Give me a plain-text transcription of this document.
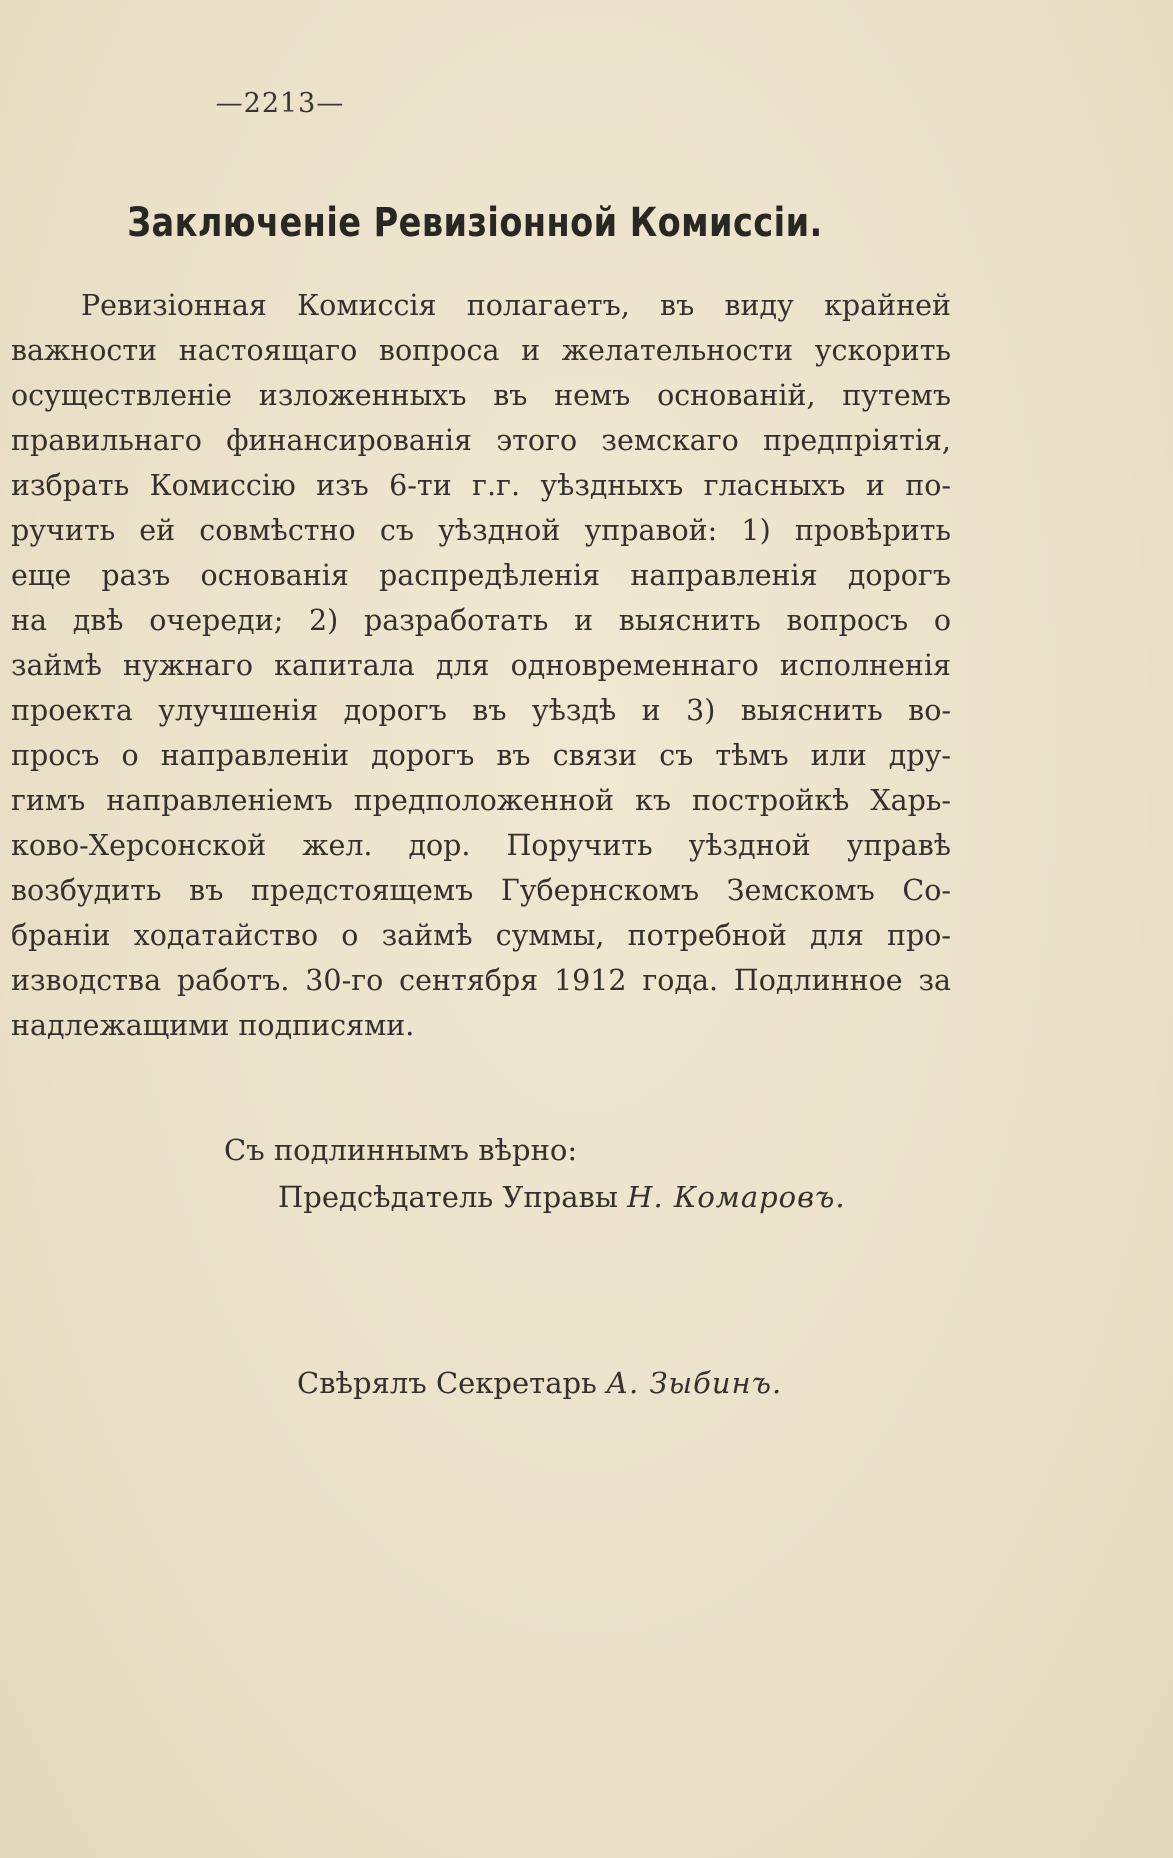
—2213—
Заключеніе Ревизіонной Комиссіи.
Ревизіонная Комиссія полагаетъ, въ виду крайней
важности настоящаго вопроса и желательности ускорить
осуществленіе изложенныхъ въ немъ основаній, путемъ
правильнаго финансированія этого земскаго предпріятія,
избрать Комиссію изъ 6-ти г.г. уѣздныхъ гласныхъ и по-
ручить ей совмѣстно съ уѣздной управой: 1) провѣрить
еще разъ основанія распредѣленія направленія дорогъ
на двѣ очереди; 2) разработать и выяснить вопросъ о
займѣ нужнаго капитала для одновременнаго исполненія
проекта улучшенія дорогъ въ уѣздѣ и 3) выяснить во-
просъ о направленіи дорогъ въ связи съ тѣмъ или дру-
гимъ направленіемъ предположенной къ постройкѣ Харь-
ково-Херсонской жел. дор. Поручить уѣздной управѣ
возбудить въ предстоящемъ Губернскомъ Земскомъ Со-
браніи ходатайство о займѣ суммы, потребной для про-
изводства работъ. 30-го сентября 1912 года. Подлинное за
надлежащими подписями.
Съ подлиннымъ вѣрно:
Предсѣдатель Управы Н. Комаровъ.
Свѣрялъ Секретарь А. Зыбинъ.
